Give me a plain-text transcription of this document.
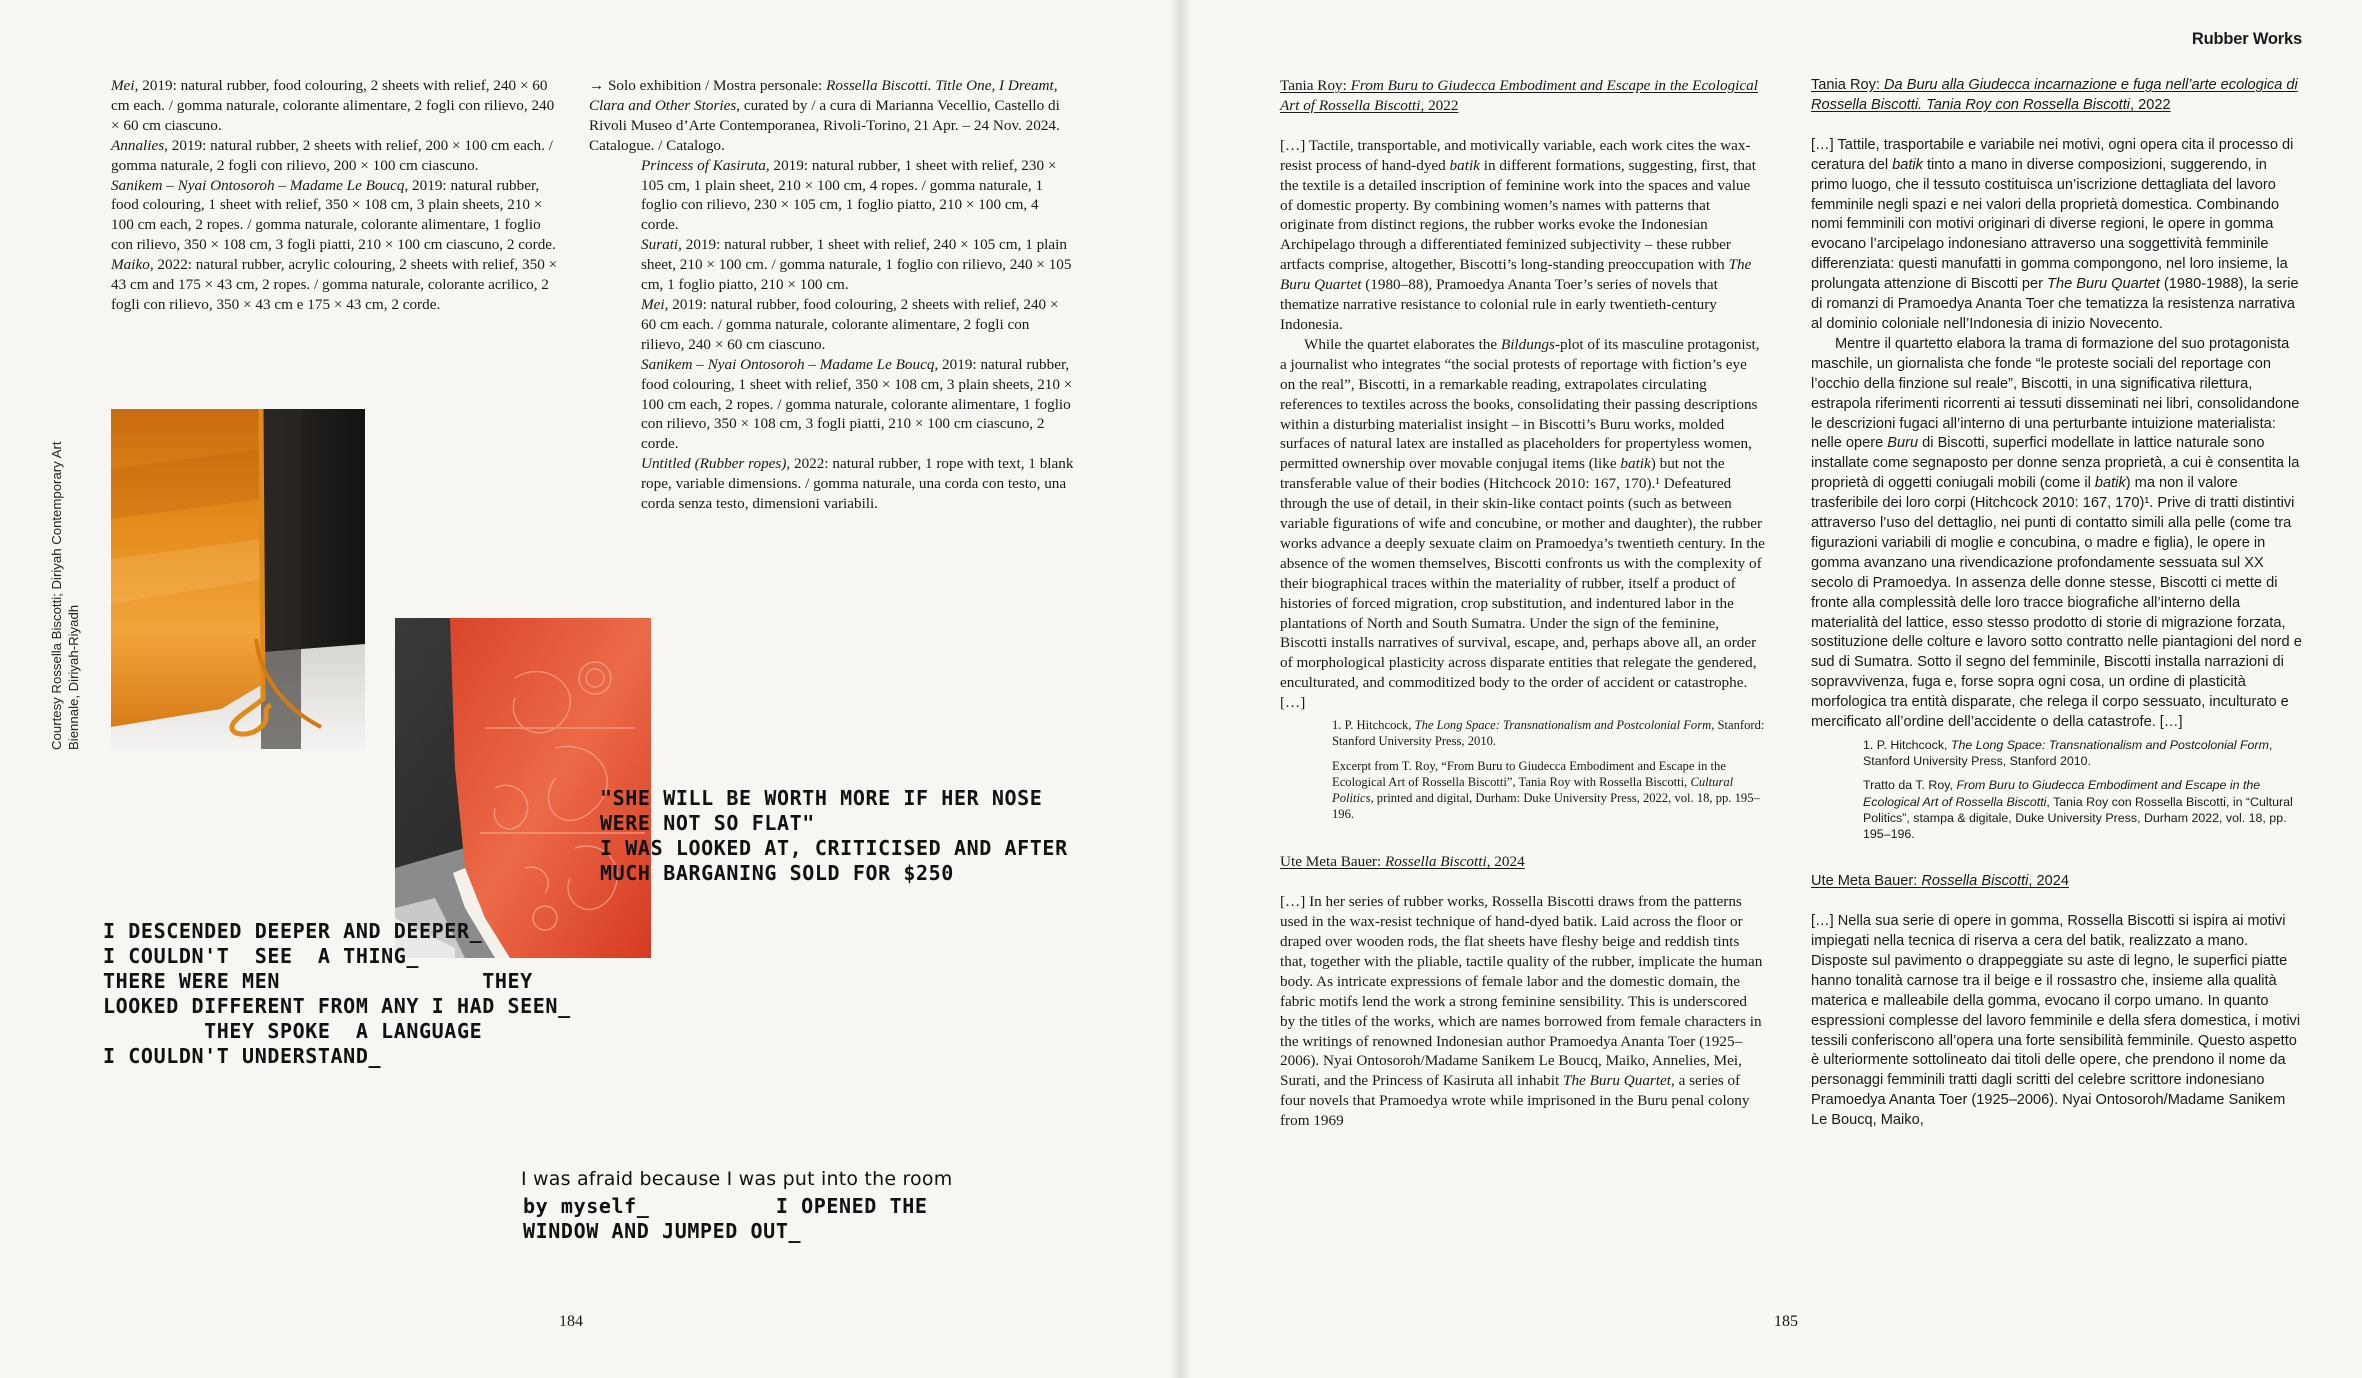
Mei, 2019: natural rubber, food colouring, 2 sheets with relief, 240 × 60 cm each. / gomma naturale, colorante alimentare, 2 fogli con rilievo, 240 × 60 cm ciascuno.

Annalies, 2019: natural rubber, 2 sheets with relief, 200 × 100 cm each. / gomma naturale, 2 fogli con rilievo, 200 × 100 cm ciascuno.

Sanikem – Nyai Ontosoroh – Madame Le Boucq, 2019: natural rubber, food colouring, 1 sheet with relief, 350 × 108 cm, 3 plain sheets, 210 × 100 cm each, 2 ropes. / gomma naturale, colorante alimentare, 1 foglio con rilievo, 350 × 108 cm, 3 fogli piatti, 210 × 100 cm ciascuno, 2 corde.

Maiko, 2022: natural rubber, acrylic colouring, 2 sheets with relief, 350 × 43 cm and 175 × 43 cm, 2 ropes. / gomma naturale, colorante acrilico, 2 fogli con rilievo, 350 × 43 cm e 175 × 43 cm, 2 corde.

→ Solo exhibition / Mostra personale: Rossella Biscotti. Title One, I Dreamt, Clara and Other Stories, curated by / a cura di Marianna Vecellio, Castello di Rivoli Museo d’Arte Contemporanea, Rivoli-Torino, 21 Apr. – 24 Nov. 2024. Catalogue. / Catalogo.

Princess of Kasiruta, 2019: natural rubber, 1 sheet with relief, 230 × 105 cm, 1 plain sheet, 210 × 100 cm, 4 ropes. / gomma naturale, 1 foglio con rilievo, 230 × 105 cm, 1 foglio piatto, 210 × 100 cm, 4 corde.

Surati, 2019: natural rubber, 1 sheet with relief, 240 × 105 cm, 1 plain sheet, 210 × 100 cm. / gomma naturale, 1 foglio con rilievo, 240 × 105 cm, 1 foglio piatto, 210 × 100 cm.

Mei, 2019: natural rubber, food colouring, 2 sheets with relief, 240 × 60 cm each. / gomma naturale, colorante alimentare, 2 fogli con rilievo, 240 × 60 cm ciascuno.

Sanikem – Nyai Ontosoroh – Madame Le Boucq, 2019: natural rubber, food colouring, 1 sheet with relief, 350 × 108 cm, 3 plain sheets, 210 × 100 cm each, 2 ropes. / gomma naturale, colorante alimentare, 1 foglio con rilievo, 350 × 108 cm, 3 fogli piatti, 210 × 100 cm ciascuno, 2 corde.

Untitled (Rubber ropes), 2022: natural rubber, 1 rope with text, 1 blank rope, variable dimensions. / gomma naturale, una corda con testo, una corda senza testo, dimensioni variabili.

Courtesy Rossella Biscotti; Diriyah Contemporary Art Biennale, Diriyah-Riyadh
"SHE WILL BE WORTH MORE IF HER NOSE
WERE NOT SO FLAT"
I WAS LOOKED AT, CRITICISED AND AFTER
MUCH BARGANING SOLD FOR $250
I DESCENDED DEEPER AND DEEPER_
I COULDN'T  SEE  A THING_
THERE WERE MEN                THEY
LOOKED DIFFERENT FROM ANY I HAD SEEN_
THEY SPOKE  A LANGUAGE
I COULDN'T UNDERSTAND_
I was afraid because I was put into the room
by myself_          I OPENED THE
WINDOW AND JUMPED OUT_
184
Rubber Works
Tania Roy: From Buru to Giudecca Embodiment and Escape in the Ecological Art of Rossella Biscotti, 2022

[…] Tactile, transportable, and motivically variable, each work cites the wax-resist process of hand-dyed batik in different formations, suggesting, first, that the textile is a detailed inscription of feminine work into the spaces and value of domestic property. By combining women’s names with patterns that originate from distinct regions, the rubber works evoke the Indonesian Archipelago through a differentiated feminized subjectivity – these rubber artfacts comprise, altogether, Biscotti’s long-standing preoccupation with The Buru Quartet (1980–88), Pramoedya Ananta Toer’s series of novels that thematize narrative resistance to colonial rule in early twentieth-century Indonesia.

While the quartet elaborates the Bildungs-plot of its masculine protagonist, a journalist who integrates “the social protests of reportage with fiction’s eye on the real”, Biscotti, in a remarkable reading, extrapolates circulating references to textiles across the books, consolidating their passing descriptions within a disturbing materialist insight – in Biscotti’s Buru works, molded surfaces of natural latex are installed as placeholders for propertyless women, permitted ownership over movable conjugal items (like batik) but not the transferable value of their bodies (Hitchcock 2010: 167, 170).¹ Defeatured through the use of detail, in their skin-like contact points (such as between variable figurations of wife and concubine, or mother and daughter), the rubber works advance a deeply sexuate claim on Pramoedya’s twentieth century. In the absence of the women themselves, Biscotti confronts us with the complexity of their biographical traces within the materiality of rubber, itself a product of histories of forced migration, crop substitution, and indentured labor in the plantations of North and South Sumatra. Under the sign of the feminine, Biscotti installs narratives of survival, escape, and, perhaps above all, an order of morphological plasticity across disparate entities that relegate the gendered, enculturated, and commoditized body to the order of accident or catastrophe. […]

1. P. Hitchcock, The Long Space: Transnationalism and Postcolonial Form, Stanford: Stanford University Press, 2010.

Excerpt from T. Roy, “From Buru to Giudecca Embodiment and Escape in the Ecological Art of Rossella Biscotti”, Tania Roy with Rossella Biscotti, Cultural Politics, printed and digital, Durham: Duke University Press, 2022, vol. 18, pp. 195–196.

Ute Meta Bauer: Rossella Biscotti, 2024

[…] In her series of rubber works, Rossella Biscotti draws from the patterns used in the wax-resist technique of hand-dyed batik. Laid across the floor or draped over wooden rods, the flat sheets have fleshy beige and reddish tints that, together with the pliable, tactile quality of the rubber, implicate the human body. As intricate expressions of female labor and the domestic domain, the fabric motifs lend the work a strong feminine sensibility. This is underscored by the titles of the works, which are names borrowed from female characters in the writings of renowned Indonesian author Pramoedya Ananta Toer (1925–2006). Nyai Ontosoroh/Madame Sanikem Le Boucq, Maiko, Annelies, Mei, Surati, and the Princess of Kasiruta all inhabit The Buru Quartet, a series of four novels that Pramoedya wrote while imprisoned in the Buru penal colony from 1969

Tania Roy: Da Buru alla Giudecca incarnazione e fuga nell’arte ecologica di Rossella Biscotti. Tania Roy con Rossella Biscotti, 2022

[…] Tattile, trasportabile e variabile nei motivi, ogni opera cita il processo di ceratura del batik tinto a mano in diverse composizioni, suggerendo, in primo luogo, che il tessuto costituisca un’iscrizione dettagliata del lavoro femminile negli spazi e nei valori della proprietà domestica. Combinando nomi femminili con motivi originari di diverse regioni, le opere in gomma evocano l’arcipelago indonesiano attraverso una soggettività femminile differenziata: questi manufatti in gomma compongono, nel loro insieme, la prolungata attenzione di Biscotti per The Buru Quartet (1980-1988), la serie di romanzi di Pramoedya Ananta Toer che tematizza la resistenza narrativa al dominio coloniale nell’Indonesia di inizio Novecento.

Mentre il quartetto elabora la trama di formazione del suo protagonista maschile, un giornalista che fonde “le proteste sociali del reportage con l’occhio della finzione sul reale”, Biscotti, in una significativa rilettura, estrapola riferimenti ricorrenti ai tessuti disseminati nei libri, consolidandone le descrizioni fugaci all’interno di una perturbante intuizione materialista: nelle opere Buru di Biscotti, superfici modellate in lattice naturale sono installate come segnaposto per donne senza proprietà, a cui è consentita la proprietà di oggetti coniugali mobili (come il batik) ma non il valore trasferibile dei loro corpi (Hitchcock 2010: 167, 170)¹. Prive di tratti distintivi attraverso l’uso del dettaglio, nei punti di contatto simili alla pelle (come tra figurazioni variabili di moglie e concubina, o madre e figlia), le opere in gomma avanzano una rivendicazione profondamente sessuata sul XX secolo di Pramoedya. In assenza delle donne stesse, Biscotti ci mette di fronte alla complessità delle loro tracce biografiche all’interno della materialità del lattice, esso stesso prodotto di storie di migrazione forzata, sostituzione delle colture e lavoro sotto contratto nelle piantagioni del nord e sud di Sumatra. Sotto il segno del femminile, Biscotti installa narrazioni di sopravvivenza, fuga e, forse sopra ogni cosa, un ordine di plasticità morfologica tra entità disparate, che relega il corpo sessuato, inculturato e mercificato all’ordine dell’accidente o della catastrofe. […]

1. P. Hitchcock, The Long Space: Transnationalism and Postcolonial Form, Stanford University Press, Stanford 2010.

Tratto da T. Roy, From Buru to Giudecca Embodiment and Escape in the Ecological Art of Rossella Biscotti, Tania Roy con Rossella Biscotti, in “Cultural Politics”, stampa & digitale, Duke University Press, Durham 2022, vol. 18, pp. 195–196.

Ute Meta Bauer: Rossella Biscotti, 2024

[…] Nella sua serie di opere in gomma, Rossella Biscotti si ispira ai motivi impiegati nella tecnica di riserva a cera del batik, realizzato a mano. Disposte sul pavimento o drappeggiate su aste di legno, le superfici piatte hanno tonalità carnose tra il beige e il rossastro che, insieme alla qualità materica e malleabile della gomma, evocano il corpo umano. In quanto espressioni complesse del lavoro femminile e della sfera domestica, i motivi tessili conferiscono all’opera una forte sensibilità femminile. Questo aspetto è ulteriormente sottolineato dai titoli delle opere, che prendono il nome da personaggi femminili tratti dagli scritti del celebre scrittore indonesiano Pramoedya Ananta Toer (1925–2006). Nyai Ontosoroh/Madame Sanikem Le Boucq, Maiko,

185
